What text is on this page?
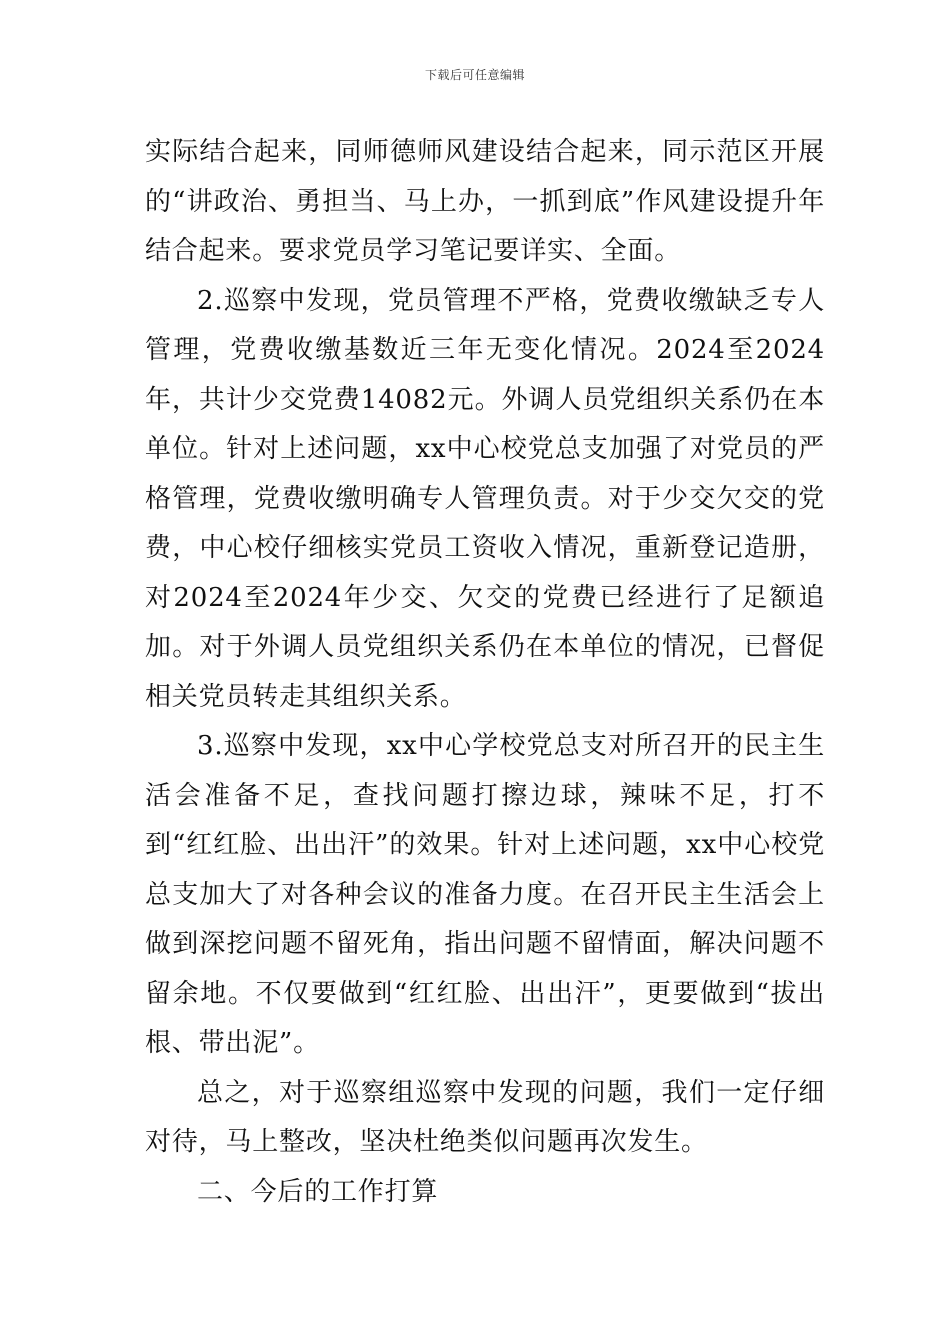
下载后可任意编辑

实际结合起来，同师德师风建设结合起来，同示范区开展的“讲政治、勇担当、马上办，一抓到底”作风建设提升年结合起来。要求党员学习笔记要详实、全面。

2.巡察中发现，党员管理不严格，党费收缴缺乏专人管理，党费收缴基数近三年无变化情况。2024至2024年，共计少交党费14082元。外调人员党组织关系仍在本单位。针对上述问题，xx中心校党总支加强了对党员的严格管理，党费收缴明确专人管理负责。对于少交欠交的党费，中心校仔细核实党员工资收入情况，重新登记造册，对2024至2024年少交、欠交的党费已经进行了足额追加。对于外调人员党组织关系仍在本单位的情况，已督促相关党员转走其组织关系。

3.巡察中发现，xx中心学校党总支对所召开的民主生活会准备不足，查找问题打擦边球，辣味不足，打不到“红红脸、出出汗”的效果。针对上述问题，xx中心校党总支加大了对各种会议的准备力度。在召开民主生活会上做到深挖问题不留死角，指出问题不留情面，解决问题不留余地。不仅要做到“红红脸、出出汗”，更要做到“拔出根、带出泥”。

总之，对于巡察组巡察中发现的问题，我们一定仔细对待，马上整改，坚决杜绝类似问题再次发生。

二、今后的工作打算
